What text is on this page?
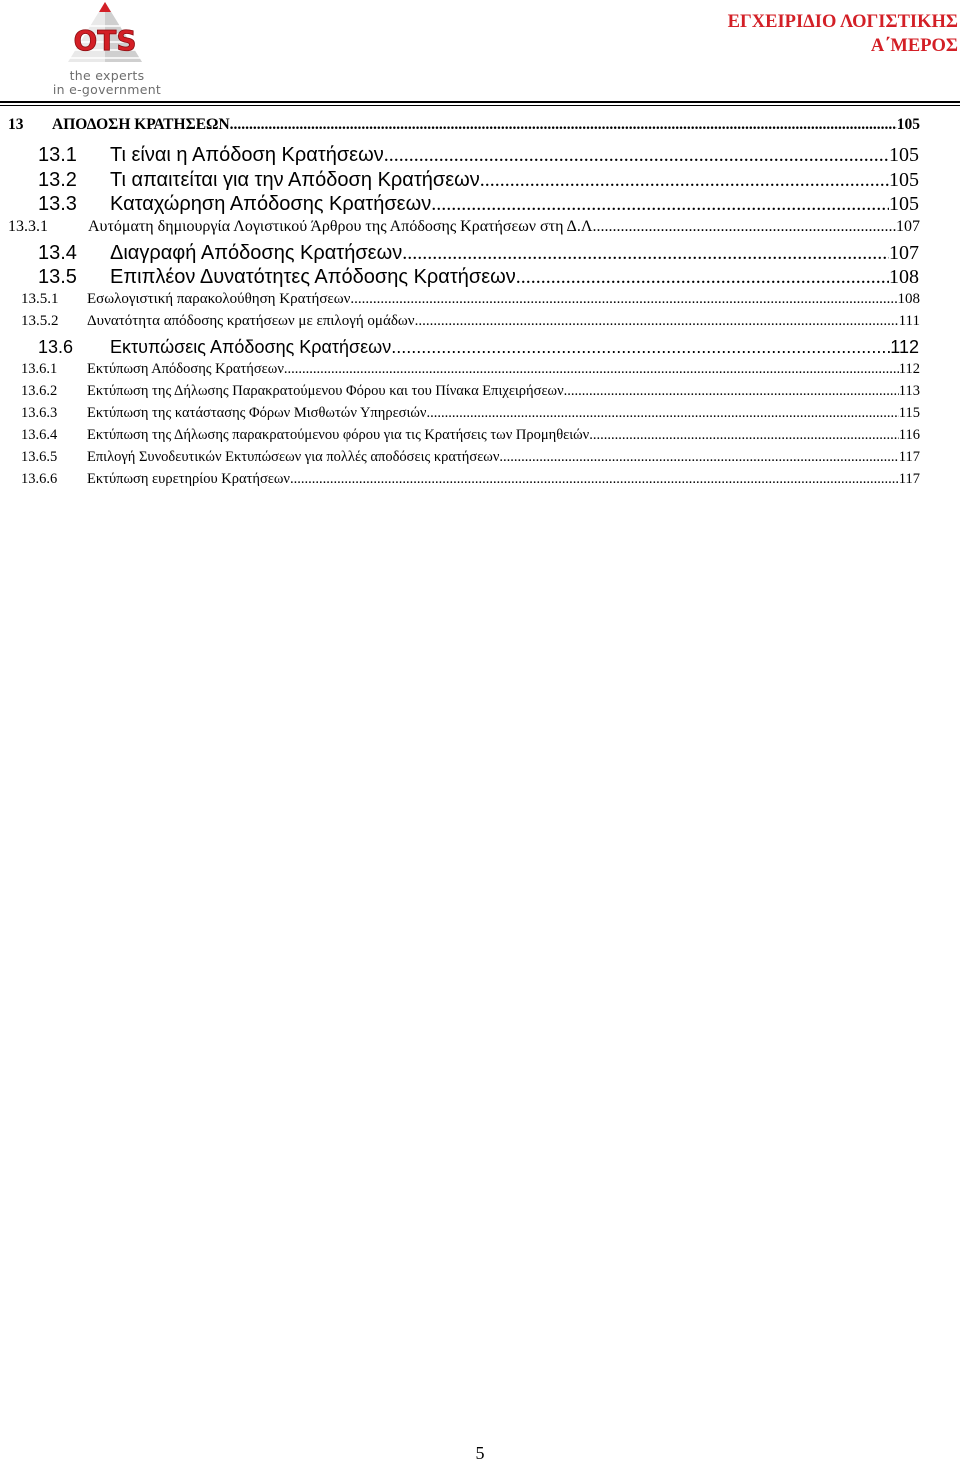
OTS
the experts
in e-government
ΕΓΧΕΙΡΙΔΙΟ ΛΟΓΙΣΤΙΚΗΣ
Α΄ΜΕΡΟΣ
13	ΑΠΟΔΟΣΗ ΚΡΑΤΗΣΕΩΝ .....	105
13.1	Τι είναι η Απόδοση Κρατήσεων .....	105
13.2	Τι απαιτείται για την Απόδοση Κρατήσεων .....	105
13.3	Καταχώρηση Απόδοσης Κρατήσεων .....	105
13.3.1	Αυτόματη δημιουργία Λογιστικού Άρθρου της Απόδοσης Κρατήσεων στη Δ.Λ. .....	107
13.4	Διαγραφή Απόδοσης Κρατήσεων .....	107
13.5	Επιπλέον Δυνατότητες Απόδοσης Κρατήσεων .....	108
13.5.1	Εσωλογιστική παρακολούθηση Κρατήσεων .....	108
13.5.2	Δυνατότητα απόδοσης κρατήσεων με επιλογή ομάδων .....	111
13.6	Εκτυπώσεις Απόδοσης Κρατήσεων .....	112
13.6.1	Εκτύπωση Απόδοσης Κρατήσεων .....	112
13.6.2	Εκτύπωση της Δήλωσης Παρακρατούμενου Φόρου και του Πίνακα Επιχειρήσεων .....	113
13.6.3	Εκτύπωση της κατάστασης Φόρων Μισθωτών Υπηρεσιών .....	115
13.6.4	Εκτύπωση της Δήλωσης παρακρατούμενου φόρου για τις Κρατήσεις των Προμηθειών .....	116
13.6.5	Επιλογή Συνοδευτικών Εκτυπώσεων για πολλές αποδόσεις κρατήσεων .....	117
13.6.6	Εκτύπωση ευρετηρίου Κρατήσεων .....	117
5
